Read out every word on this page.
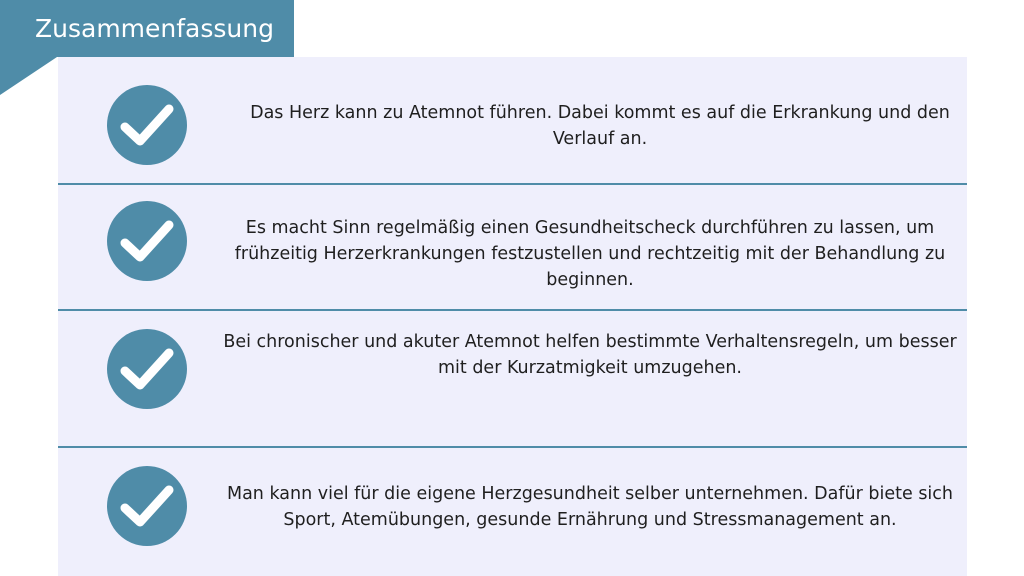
Zusammenfassung
Das Herz kann zu Atemnot führen. Dabei kommt es auf die Erkrankung und den Verlauf an.
Es macht Sinn regelmäßig einen Gesundheitscheck durchführen zu lassen, um frühzeitig Herzerkrankungen festzustellen und rechtzeitig mit der Behandlung zu beginnen.
Bei chronischer und akuter Atemnot helfen bestimmte Verhaltensregeln, um besser mit der Kurzatmigkeit umzugehen.
Man kann viel für die eigene Herzgesundheit selber unternehmen. Dafür biete sich Sport, Atemübungen, gesunde Ernährung und Stressmanagement an.
